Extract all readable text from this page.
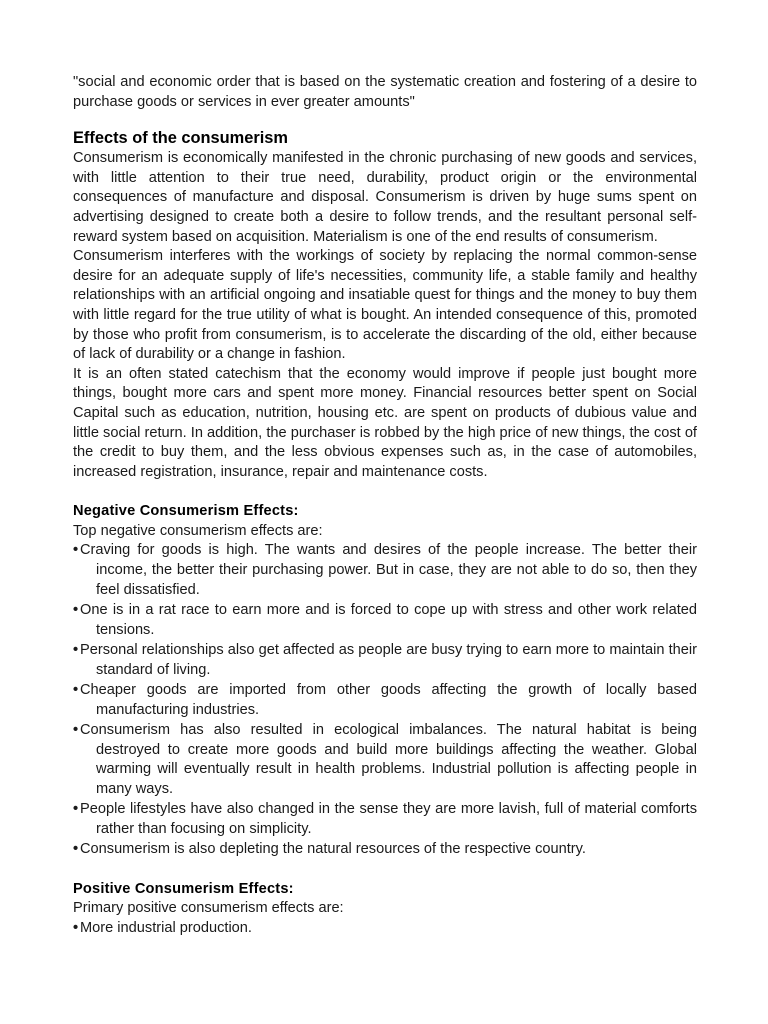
"social and economic order that is based on the systematic creation and fostering of a desire to purchase goods or services in ever greater amounts"

Effects of the consumerism

Consumerism is economically manifested in the chronic purchasing of new goods and services, with little attention to their true need, durability, product origin or the environmental consequences of manufacture and disposal. Consumerism is driven by huge sums spent on advertising designed to create both a desire to follow trends, and the resultant personal self-reward system based on acquisition. Materialism is one of the end results of consumerism.

Consumerism interferes with the workings of society by replacing the normal common-sense desire for an adequate supply of life's necessities, community life, a stable family and healthy relationships with an artificial ongoing and insatiable quest for things and the money to buy them with little regard for the true utility of what is bought. An intended consequence of this, promoted by those who profit from consumerism, is to accelerate the discarding of the old, either because of lack of durability or a change in fashion.

It is an often stated catechism that the economy would improve if people just bought more things, bought more cars and spent more money. Financial resources better spent on Social Capital such as education, nutrition, housing etc. are spent on products of dubious value and little social return. In addition, the purchaser is robbed by the high price of new things, the cost of the credit to buy them, and the less obvious expenses such as, in the case of automobiles, increased registration, insurance, repair and maintenance costs.

Negative Consumerism Effects:

Top negative consumerism effects are:

• Craving for goods is high. The wants and desires of the people increase. The better their income, the better their purchasing power. But in case, they are not able to do so, then they feel dissatisfied.
• One is in a rat race to earn more and is forced to cope up with stress and other work related tensions.
• Personal relationships also get affected as people are busy trying to earn more to maintain their standard of living.
• Cheaper goods are imported from other goods affecting the growth of locally based manufacturing industries.
• Consumerism has also resulted in ecological imbalances. The natural habitat is being destroyed to create more goods and build more buildings affecting the weather. Global warming will eventually result in health problems. Industrial pollution is affecting people in many ways.
• People lifestyles have also changed in the sense they are more lavish, full of material comforts rather than focusing on simplicity.
• Consumerism is also depleting the natural resources of the respective country.
Positive Consumerism Effects:

Primary positive consumerism effects are:

• More industrial production.
